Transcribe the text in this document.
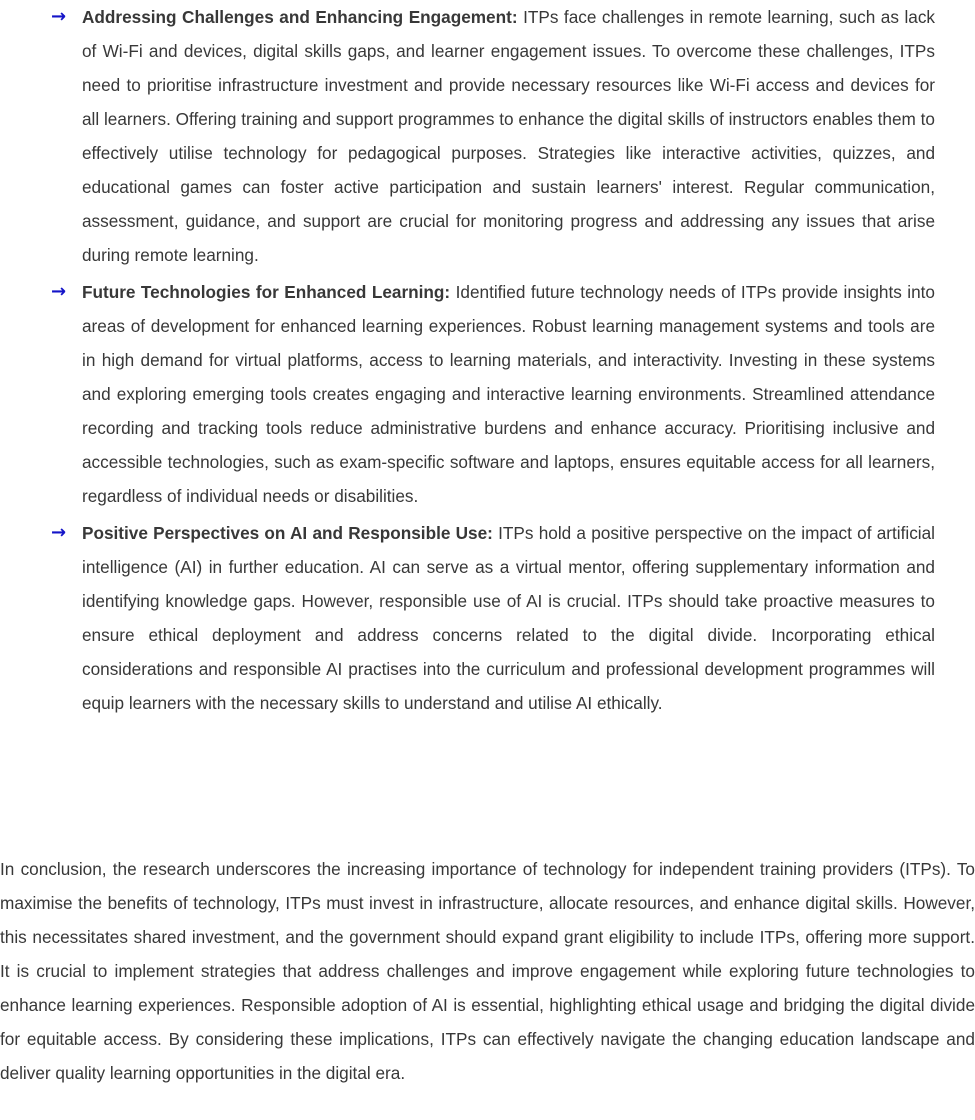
→ Addressing Challenges and Enhancing Engagement: ITPs face challenges in remote learning, such as lack of Wi-Fi and devices, digital skills gaps, and learner engagement issues. To overcome these challenges, ITPs need to prioritise infrastructure investment and provide necessary resources like Wi-Fi access and devices for all learners. Offering training and support programmes to enhance the digital skills of instructors enables them to effectively utilise technology for pedagogical purposes. Strategies like interactive activities, quizzes, and educational games can foster active participation and sustain learners' interest. Regular communication, assessment, guidance, and support are crucial for monitoring progress and addressing any issues that arise during remote learning.
→ Future Technologies for Enhanced Learning: Identified future technology needs of ITPs provide insights into areas of development for enhanced learning experiences. Robust learning management systems and tools are in high demand for virtual platforms, access to learning materials, and interactivity. Investing in these systems and exploring emerging tools creates engaging and interactive learning environments. Streamlined attendance recording and tracking tools reduce administrative burdens and enhance accuracy. Prioritising inclusive and accessible technologies, such as exam-specific software and laptops, ensures equitable access for all learners, regardless of individual needs or disabilities.
→ Positive Perspectives on AI and Responsible Use: ITPs hold a positive perspective on the impact of artificial intelligence (AI) in further education. AI can serve as a virtual mentor, offering supplementary information and identifying knowledge gaps. However, responsible use of AI is crucial. ITPs should take proactive measures to ensure ethical deployment and address concerns related to the digital divide. Incorporating ethical considerations and responsible AI practises into the curriculum and professional development programmes will equip learners with the necessary skills to understand and utilise AI ethically.

In conclusion, the research underscores the increasing importance of technology for independent training providers (ITPs). To maximise the benefits of technology, ITPs must invest in infrastructure, allocate resources, and enhance digital skills. However, this necessitates shared investment, and the government should expand grant eligibility to include ITPs, offering more support. It is crucial to implement strategies that address challenges and improve engagement while exploring future technologies to enhance learning experiences. Responsible adoption of AI is essential, highlighting ethical usage and bridging the digital divide for equitable access. By considering these implications, ITPs can effectively navigate the changing education landscape and deliver quality learning opportunities in the digital era.
